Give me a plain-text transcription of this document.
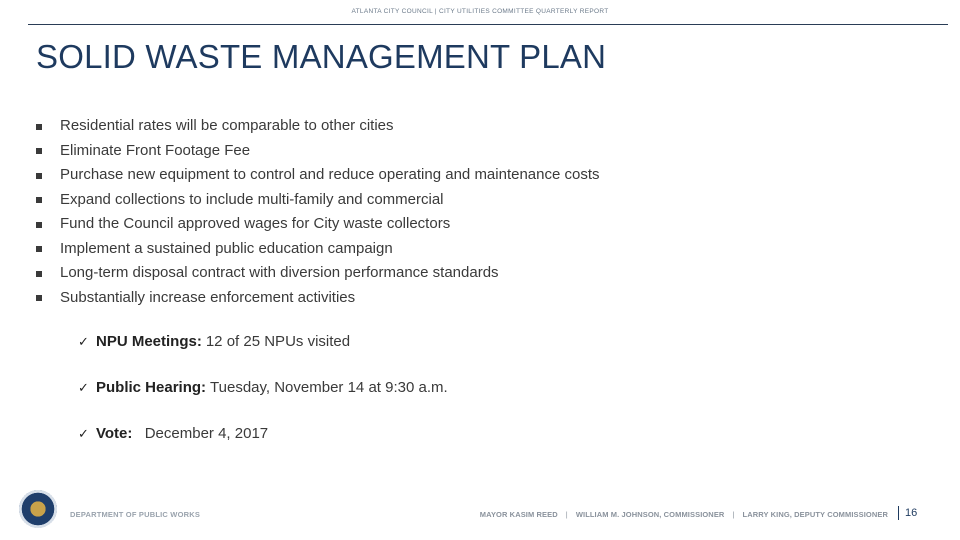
ATLANTA CITY COUNCIL | CITY UTILITIES COMMITTEE QUARTERLY REPORT
SOLID WASTE MANAGEMENT PLAN
Residential rates will be comparable to other cities
Eliminate Front Footage Fee
Purchase new equipment to control and reduce operating and maintenance costs
Expand collections to include multi-family and commercial
Fund the Council approved wages for City waste collectors
Implement a sustained public education campaign
Long-term disposal contract with diversion performance standards
Substantially increase enforcement activities
✓ NPU Meetings: 12 of 25 NPUs visited
✓ Public Hearing: Tuesday, November 14 at 9:30 a.m.
✓ Vote: December 4, 2017
DEPARTMENT OF PUBLIC WORKS	MAYOR KASIM REED | WILLIAM M. JOHNSON, COMMISSIONER | LARRY KING, DEPUTY COMMISSIONER	16
